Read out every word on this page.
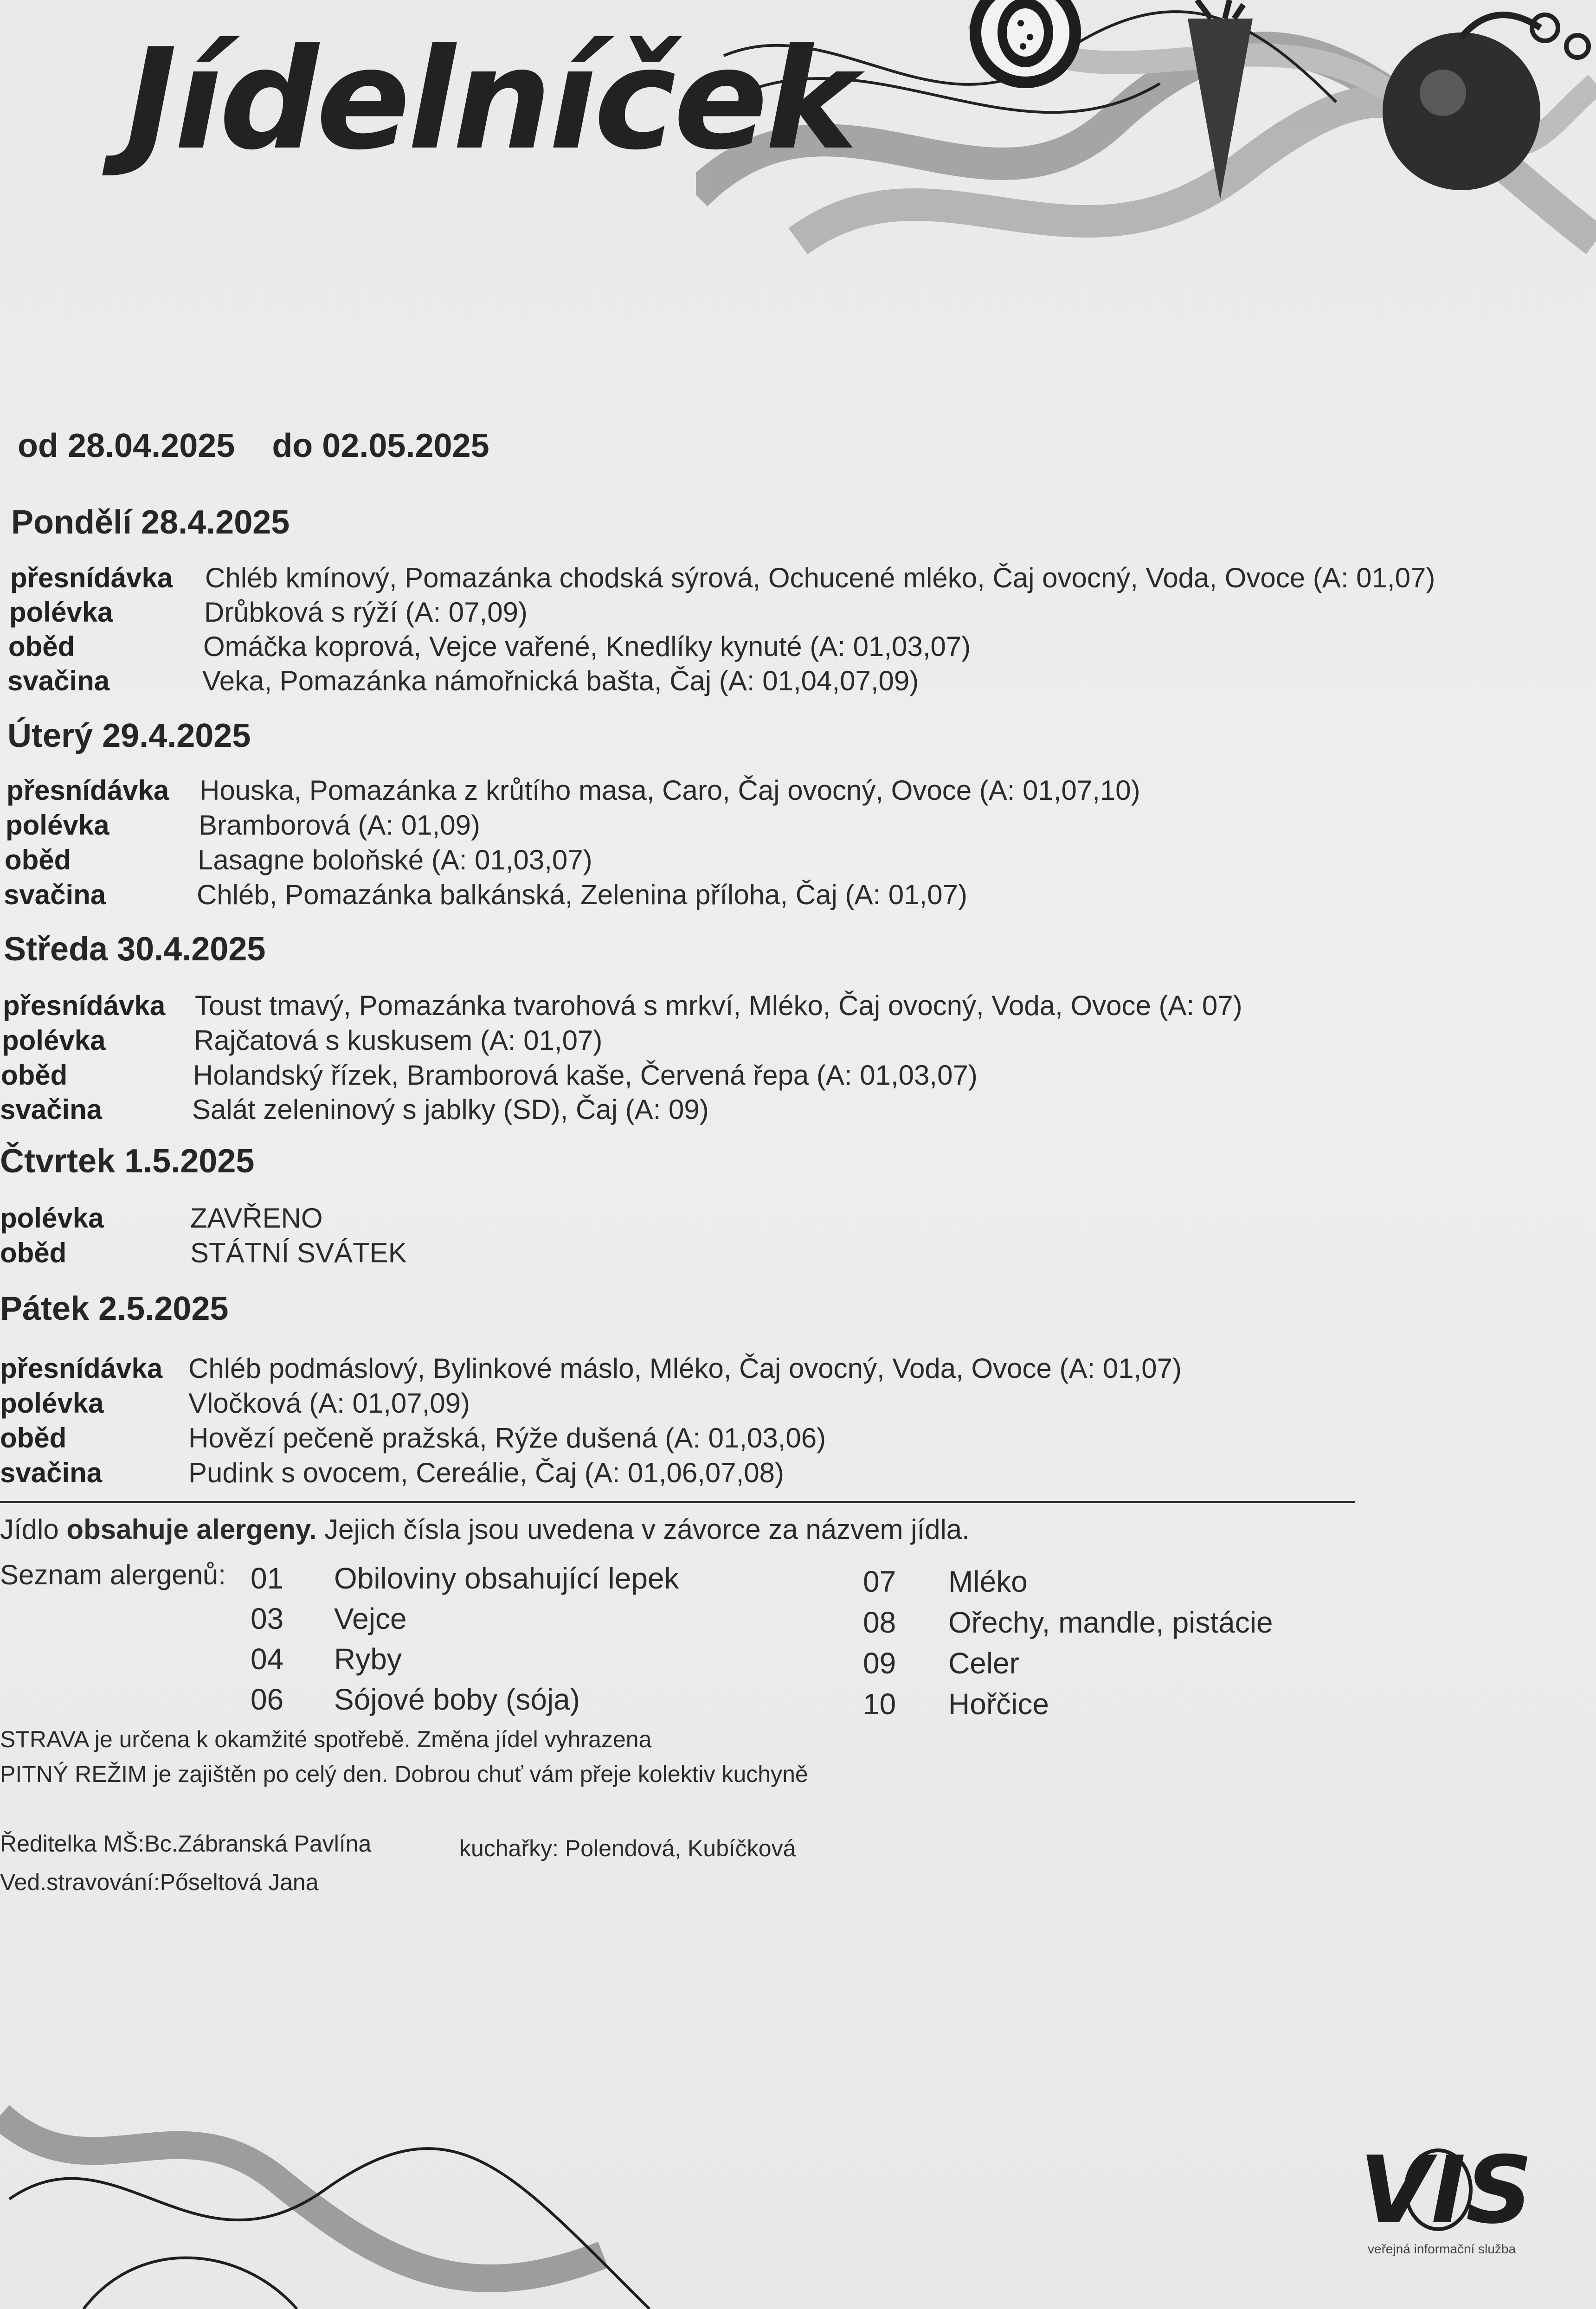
Jídelníček
od 28.04.2025 do 02.05.2025
Pondělí 28.4.2025
přesnídávka Chléb kmínový, Pomazánka chodská sýrová, Ochucené mléko, Čaj ovocný, Voda, Ovoce (A: 01,07)
polévka	Drůbková s rýží (A: 07,09)
oběd	Omáčka koprová, Vejce vařené, Knedlíky kynuté (A: 01,03,07)
svačina	Veka, Pomazánka námořnická bašta, Čaj (A: 01,04,07,09)
Úterý 29.4.2025
přesnídávka Houska, Pomazánka z krůtího masa, Caro, Čaj ovocný, Ovoce (A: 01,07,10)
polévka	Bramborová (A: 01,09)
oběd	Lasagne boloňské (A: 01,03,07)
svačina	Chléb, Pomazánka balkánská, Zelenina příloha, Čaj (A: 01,07)
Středa 30.4.2025
přesnídávka Toust tmavý, Pomazánka tvarohová s mrkví, Mléko, Čaj ovocný, Voda, Ovoce (A: 07)
polévka	Rajčatová s kuskusem (A: 01,07)
oběd	Holandský řízek, Bramborová kaše, Červená řepa (A: 01,03,07)
svačina	Salát zeleninový s jablky (SD), Čaj (A: 09)
Čtvrtek 1.5.2025
polévka	ZAVŘENO
oběd	STÁTNÍ SVÁTEK
Pátek 2.5.2025
přesnídávka Chléb podmáslový, Bylinkové máslo, Mléko, Čaj ovocný, Voda, Ovoce (A: 01,07)
polévka	Vločková (A: 01,07,09)
oběd	Hovězí pečeně pražská, Rýže dušená (A: 01,03,06)
svačina	Pudink s ovocem, Cereálie, Čaj (A: 01,06,07,08)
Jídlo obsahuje alergeny. Jejich čísla jsou uvedena v závorce za názvem jídla.
Seznam alergenů: 01 Obiloviny obsahující lepek
03 Vejce
04 Ryby
06 Sójové boby (sója)
07 Mléko
08 Ořechy, mandle, pistácie
09 Celer
10 Hořčice
STRAVA je určena k okamžité spotřebě. Změna jídel vyhrazena
PITNÝ REŽIM je zajištěn po celý den. Dobrou chuť vám přeje kolektiv kuchyně
Ředitelka MŠ:Bc.Zábranská Pavlína	kuchařky: Polendová, Kubíčková
Ved.stravování:Pőseltová Jana
VIS
veřejná informační služba
